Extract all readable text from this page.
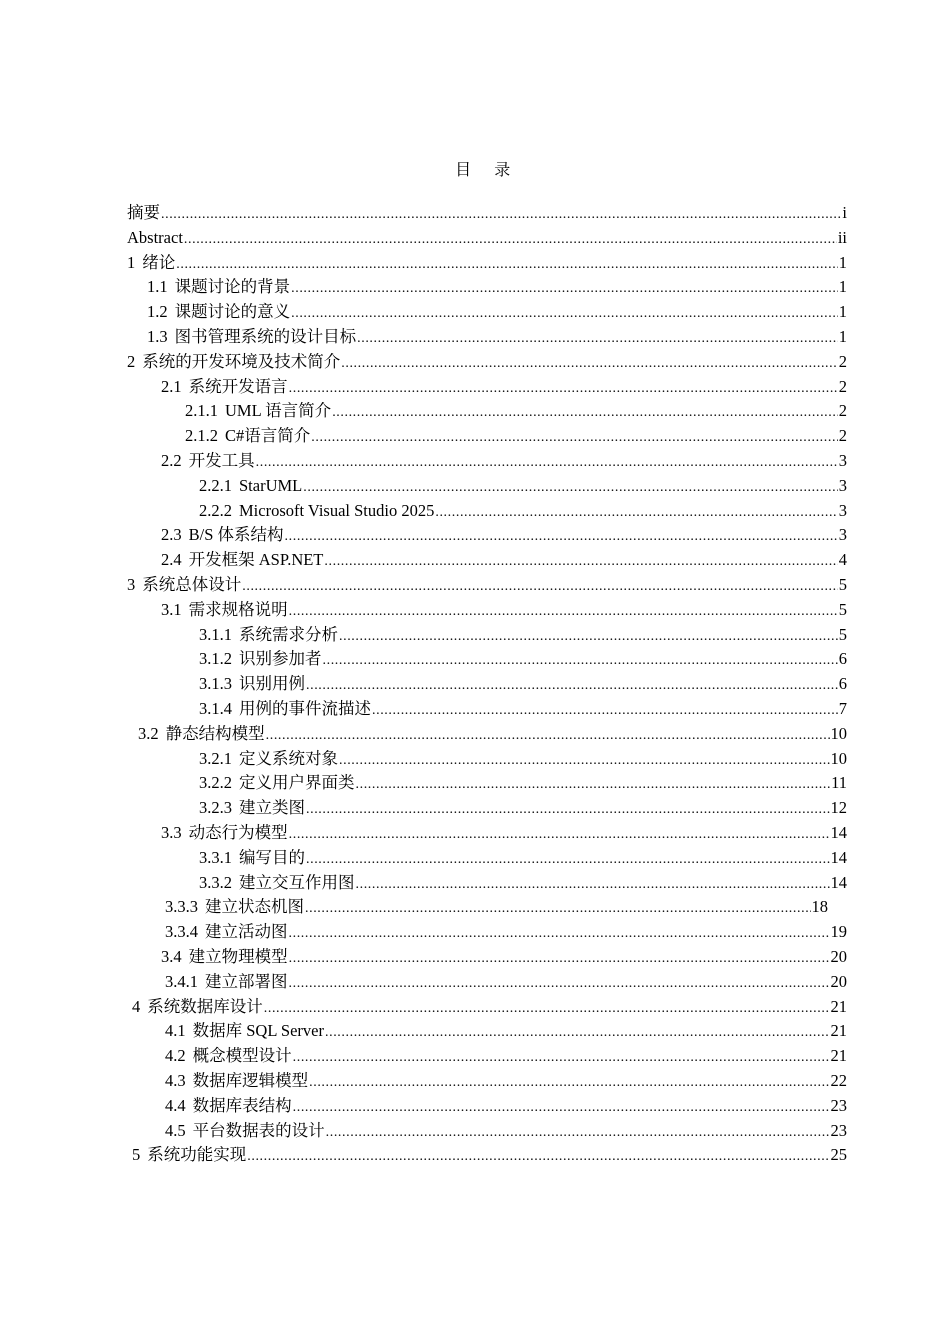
目 录
摘要 .....	i
Abstract .....	ii
1 绪论 .....	1
1.1 课题讨论的背景 .....	1
1.2 课题讨论的意义 .....	1
1.3 图书管理系统的设计目标 .....	1
2 系统的开发环境及技术简介 .....	2
2.1 系统开发语言 .....	2
2.1.1 UML 语言简介 .....	2
2.1.2 C#语言简介 .....	2
2.2 开发工具 .....	3
2.2.1 StarUML .....	3
2.2.2 Microsoft Visual Studio 2025 .....	3
2.3 B/S 体系结构 .....	3
2.4 开发框架 ASP.NET .....	4
3 系统总体设计 .....	5
3.1 需求规格说明 .....	5
3.1.1 系统需求分析 .....	5
3.1.2 识别参加者 .....	6
3.1.3 识别用例 .....	6
3.1.4 用例的事件流描述 .....	7
3.2 静态结构模型 .....	10
3.2.1 定义系统对象 .....	10
3.2.2 定义用户界面类 .....	11
3.2.3 建立类图 .....	12
3.3 动态行为模型 .....	14
3.3.1 编写目的 .....	14
3.3.2 建立交互作用图 .....	14
3.3.3 建立状态机图 .....	18
3.3.4 建立活动图 .....	19
3.4 建立物理模型 .....	20
3.4.1 建立部署图 .....	20
4 系统数据库设计 .....	21
4.1 数据库 SQL Server .....	21
4.2 概念模型设计 .....	21
4.3 数据库逻辑模型 .....	22
4.4 数据库表结构 .....	23
4.5 平台数据表的设计 .....	23
5 系统功能实现 .....	25
